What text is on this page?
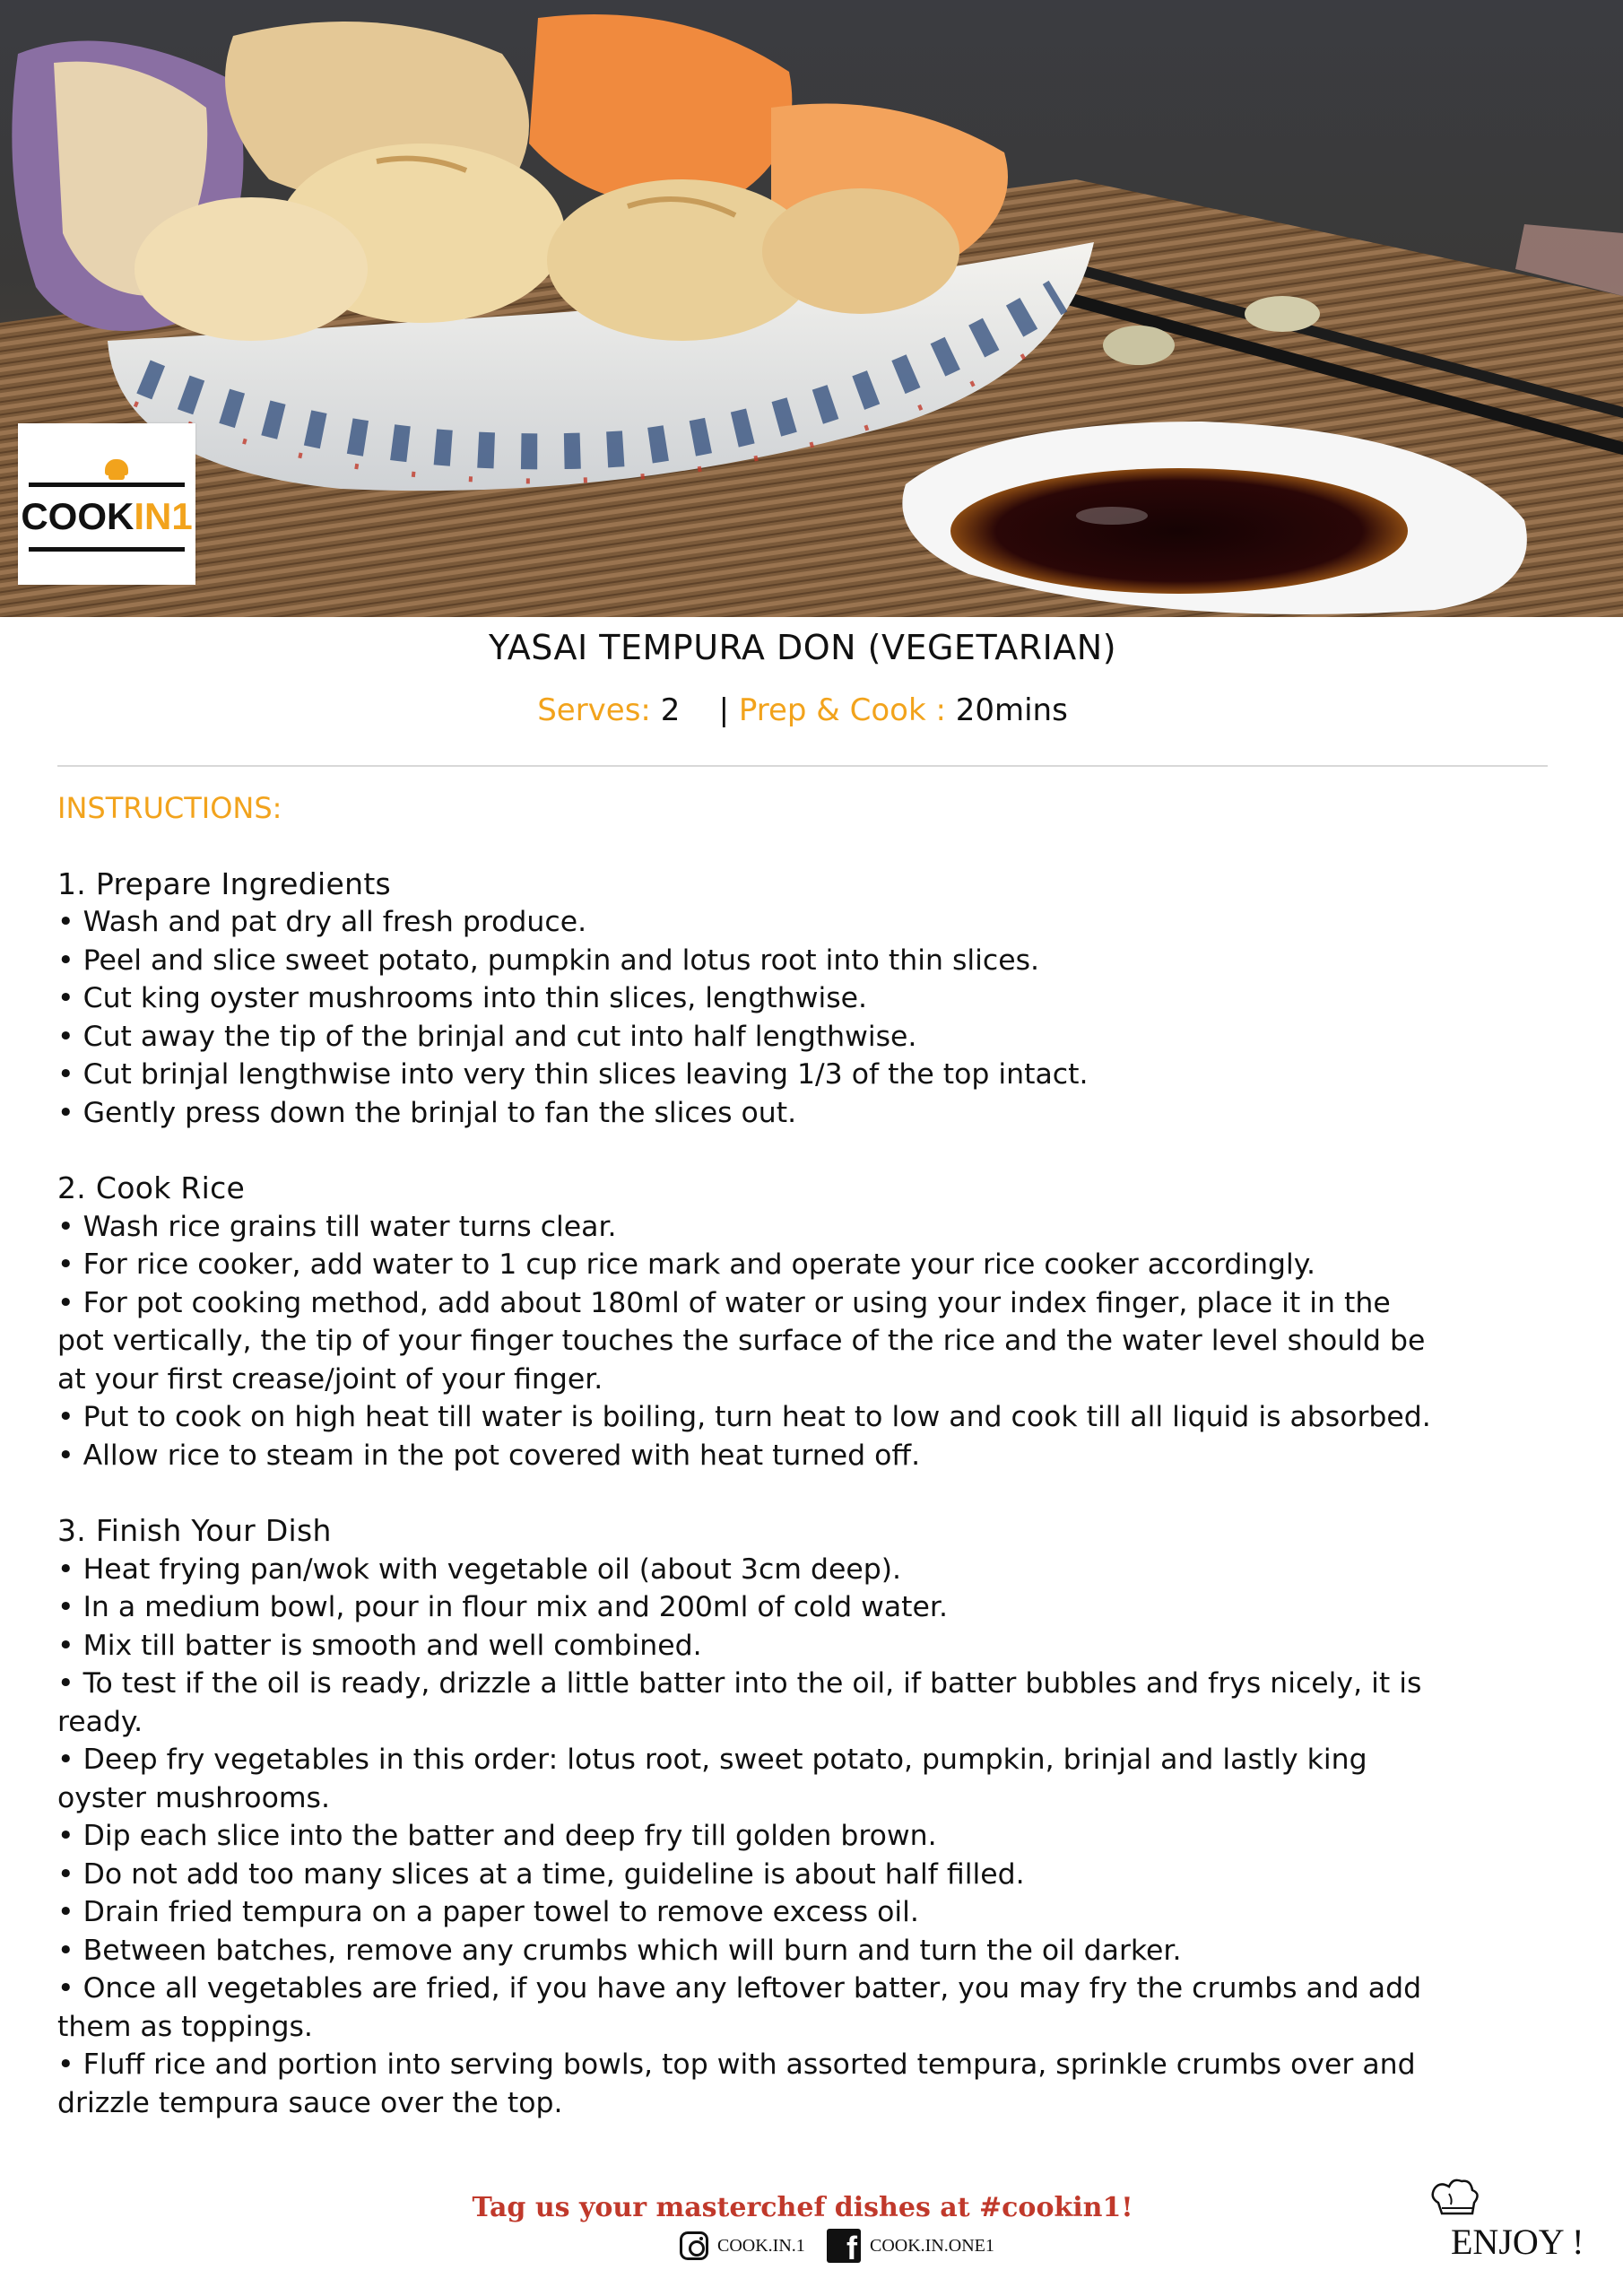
COOKIN1
YASAI TEMPURA DON (VEGETARIAN)
Serves: 2 | Prep & Cook : 20mins
INSTRUCTIONS:
1. Prepare Ingredients
• Wash and pat dry all fresh produce.
• Peel and slice sweet potato, pumpkin and lotus root into thin slices.
• Cut king oyster mushrooms into thin slices, lengthwise.
• Cut away the tip of the brinjal and cut into half lengthwise.
• Cut brinjal lengthwise into very thin slices leaving 1/3 of the top intact.
• Gently press down the brinjal to fan the slices out.
2. Cook Rice
• Wash rice grains till water turns clear.
• For rice cooker, add water to 1 cup rice mark and operate your rice cooker accordingly.
• For pot cooking method, add about 180ml of water or using your index finger, place it in the
pot vertically, the tip of your finger touches the surface of the rice and the water level should be
at your first crease/joint of your finger.
• Put to cook on high heat till water is boiling, turn heat to low and cook till all liquid is absorbed.
• Allow rice to steam in the pot covered with heat turned off.
3. Finish Your Dish
• Heat frying pan/wok with vegetable oil (about 3cm deep).
• In a medium bowl, pour in flour mix and 200ml of cold water.
• Mix till batter is smooth and well combined.
• To test if the oil is ready, drizzle a little batter into the oil, if batter bubbles and frys nicely, it is
ready.
• Deep fry vegetables in this order: lotus root, sweet potato, pumpkin, brinjal and lastly king
oyster mushrooms.
• Dip each slice into the batter and deep fry till golden brown.
• Do not add too many slices at a time, guideline is about half filled.
• Drain fried tempura on a paper towel to remove excess oil.
• Between batches, remove any crumbs which will burn and turn the oil darker.
• Once all vegetables are fried, if you have any leftover batter, you may fry the crumbs and add
them as toppings.
• Fluff rice and portion into serving bowls, top with assorted tempura, sprinkle crumbs over and
drizzle tempura sauce over the top.
Tag us your masterchef dishes at #cookin1!
COOK.IN.1	f COOK.IN.ONE1	ENJOY !
